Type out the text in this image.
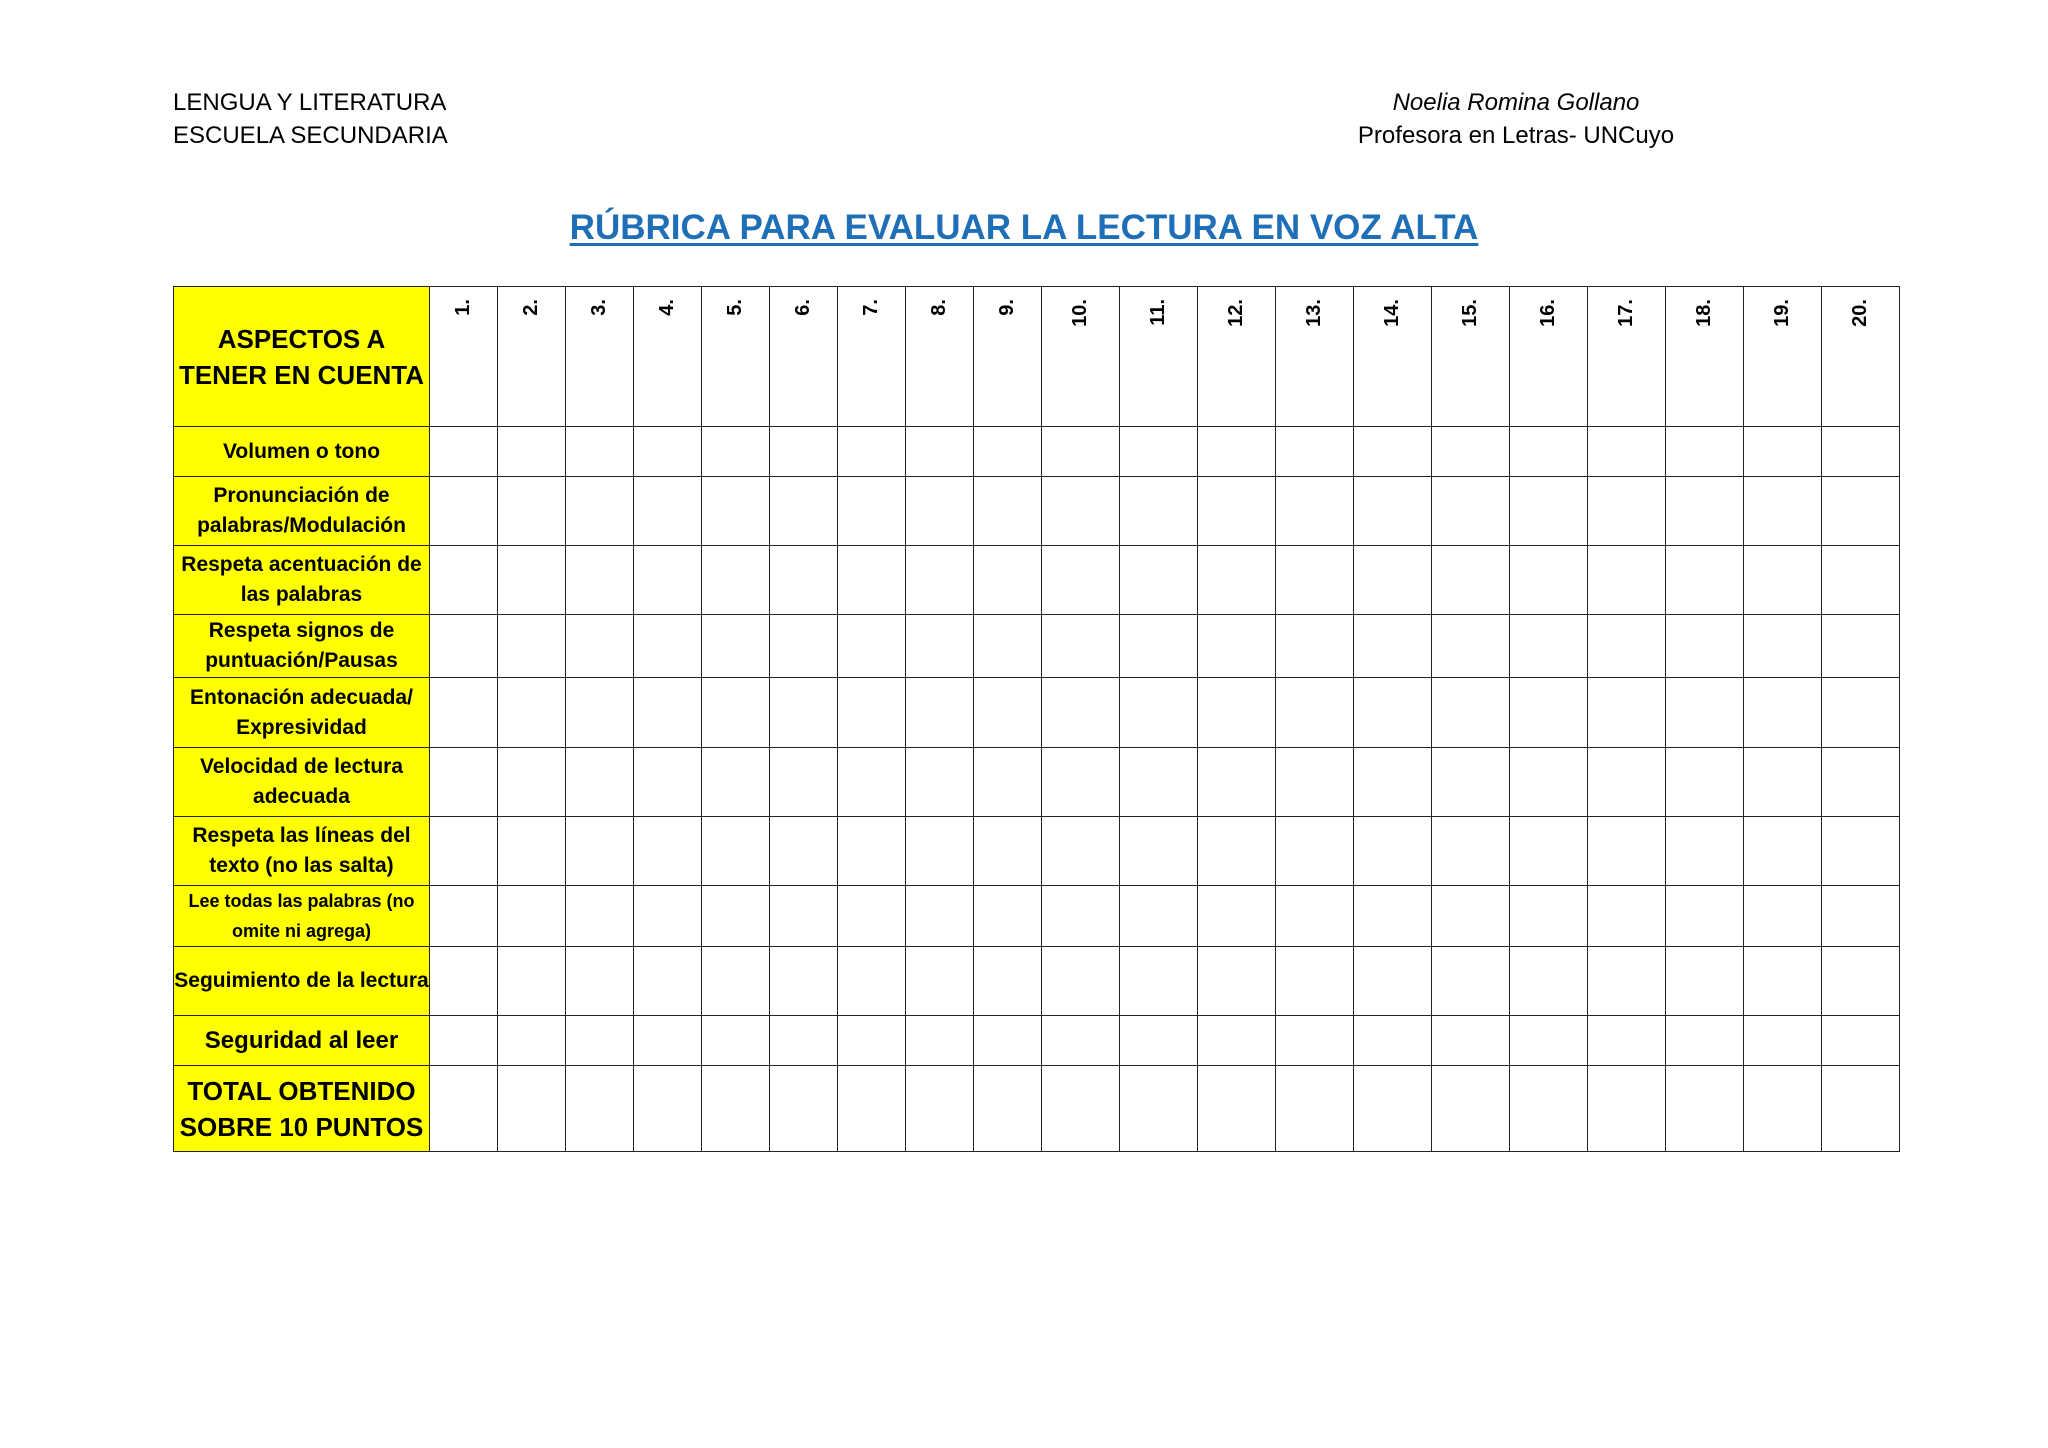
LENGUA Y LITERATURA
ESCUELA SECUNDARIA
Noelia Romina Gollano
Profesora en Letras- UNCuyo
RÚBRICA PARA EVALUAR LA LECTURA EN VOZ ALTA
ASPECTOS A TENER EN CUENTA	1.	2.	3.	4.	5.	6.	7.	8.	9.	10.	11.	12.	13.	14.	15.	16.	17.	18.	19.	20.

Volumen o tono																				
Pronunciación de palabras/Modulación																				
Respeta acentuación de las palabras																				
Respeta signos de puntuación/Pausas																				
Entonación adecuada/ Expresividad																				
Velocidad de lectura adecuada																				
Respeta las líneas del texto (no las salta)																				
Lee todas las palabras (no omite ni agrega)																				
Seguimiento de la lectura																				
Seguridad al leer																				
TOTAL OBTENIDO SOBRE 10 PUNTOS																				
